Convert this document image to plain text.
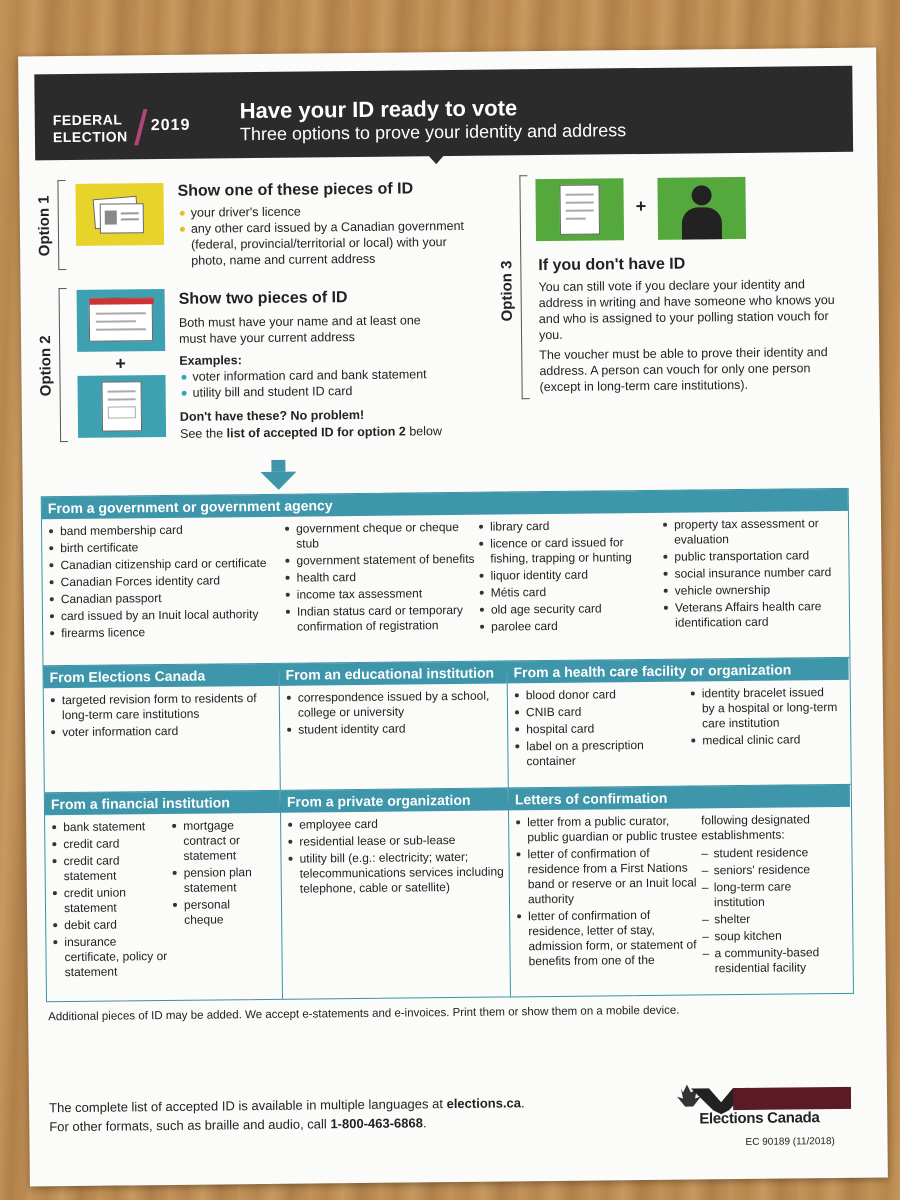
FEDERAL
ELECTION
2019
Have your ID ready to vote
Three options to prove your identity and address
Option 1
Show one of these pieces of ID
your driver's licence
any other card issued by a Canadian government (federal, provincial/territorial or local) with your photo, name and current address
Option 2	+
Show two pieces of ID
Both must have your name and at least one must have your current address
Examples:
voter information card and bank statement
utility bill and student ID card
Don't have these? No problem!
See the list of accepted ID for option 2 below
Option 3
+
If you don't have ID
You can still vote if you declare your identity and address in writing and have someone who knows you and who is assigned to your polling station vouch for you.
The voucher must be able to prove their identity and address. A person can vouch for only one person (except in long-term care institutions).
From a government or government agency
band membership card
birth certificate
Canadian citizenship card or certificate
Canadian Forces identity card
Canadian passport
card issued by an Inuit local authority
firearms licence
government cheque or cheque stub
government statement of benefits
health card
income tax assessment
Indian status card or temporary confirmation of registration
library card
licence or card issued for fishing, trapping or hunting
liquor identity card
Métis card
old age security card
parolee card
property tax assessment or evaluation
public transportation card
social insurance number card
vehicle ownership
Veterans Affairs health care identification card
From Elections Canada
targeted revision form to residents of long-term care institutions
voter information card
From an educational institution
correspondence issued by a school, college or university
student identity card
From a health care facility or organization
blood donor card
CNIB card
hospital card
label on a prescription container
identity bracelet issued by a hospital or long-term care institution
medical clinic card
From a financial institution
bank statement
credit card
credit card statement
credit union statement
debit card
insurance certificate, policy or statement
mortgage contract or statement
pension plan statement
personal cheque
From a private organization
employee card
residential lease or sub-lease
utility bill (e.g.: electricity; water; telecommunications services including telephone, cable or satellite)
Letters of confirmation
letter from a public curator, public guardian or public trustee
letter of confirmation of residence from a First Nations band or reserve or an Inuit local authority
letter of confirmation of residence, letter of stay, admission form, or statement of benefits from one of the
following designated establishments:
– student residence
– seniors' residence
– long-term care institution
– shelter
– soup kitchen
– a community-based residential facility
Additional pieces of ID may be added. We accept e-statements and e-invoices. Print them or show them on a mobile device.
The complete list of accepted ID is available in multiple languages at elections.ca.
For other formats, such as braille and audio, call 1-800-463-6868.	Elections Canada
EC 90189 (11/2018)
